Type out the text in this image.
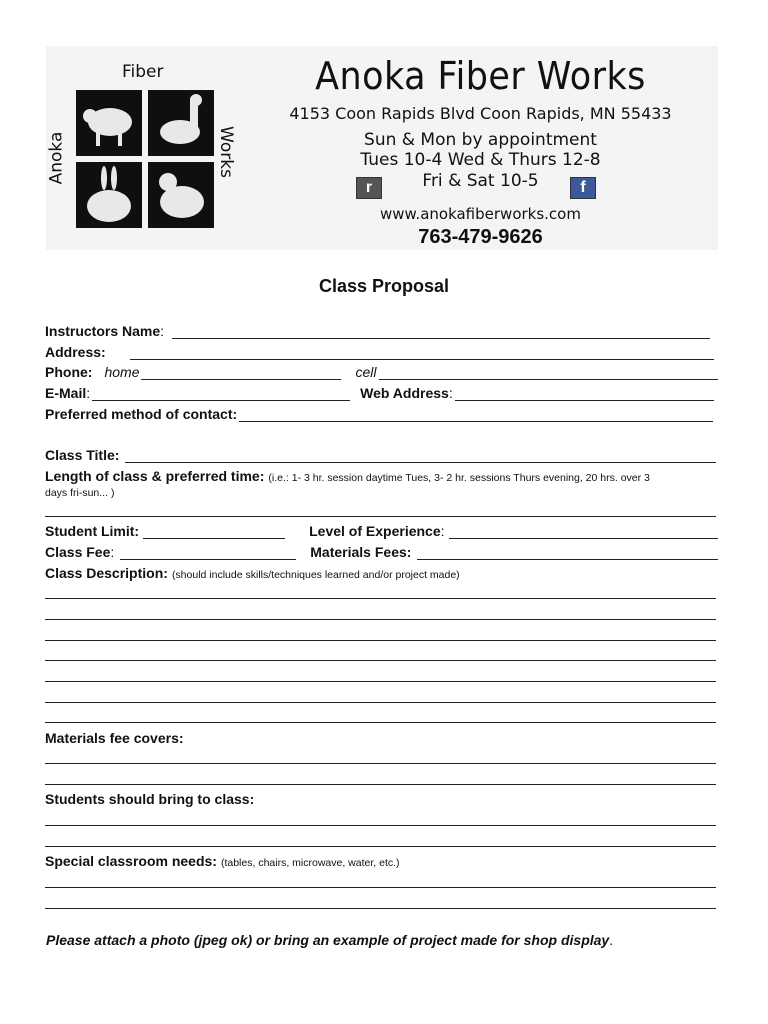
Fiber
Anoka	Works
Anoka Fiber Works
4153 Coon Rapids Blvd Coon Rapids, MN 55433
Sun & Mon by appointment
Tues 10-4 Wed & Thurs 12-8
Fri & Sat 10-5
r	f
www.anokafiberworks.com
763-479-9626
Class Proposal
Instructors Name :
Address:
Phone: home	cell
E-Mail :	Web Address :
Preferred method of contact:
Class Title:
Length of class & preferred time: (i.e.: 1- 3 hr. session daytime Tues, 3- 2 hr. sessions Thurs evening, 20 hrs. over 3
days fri-sun... )
Student Limit:	Level of Experience :
Class Fee :	Materials Fees:
Class Description: (should include skills/techniques learned and/or project made)
Materials fee covers:
Students should bring to class:
Special classroom needs: (tables, chairs, microwave, water, etc.)
Please attach a photo (jpeg ok) or bring an example of project made for shop display.
